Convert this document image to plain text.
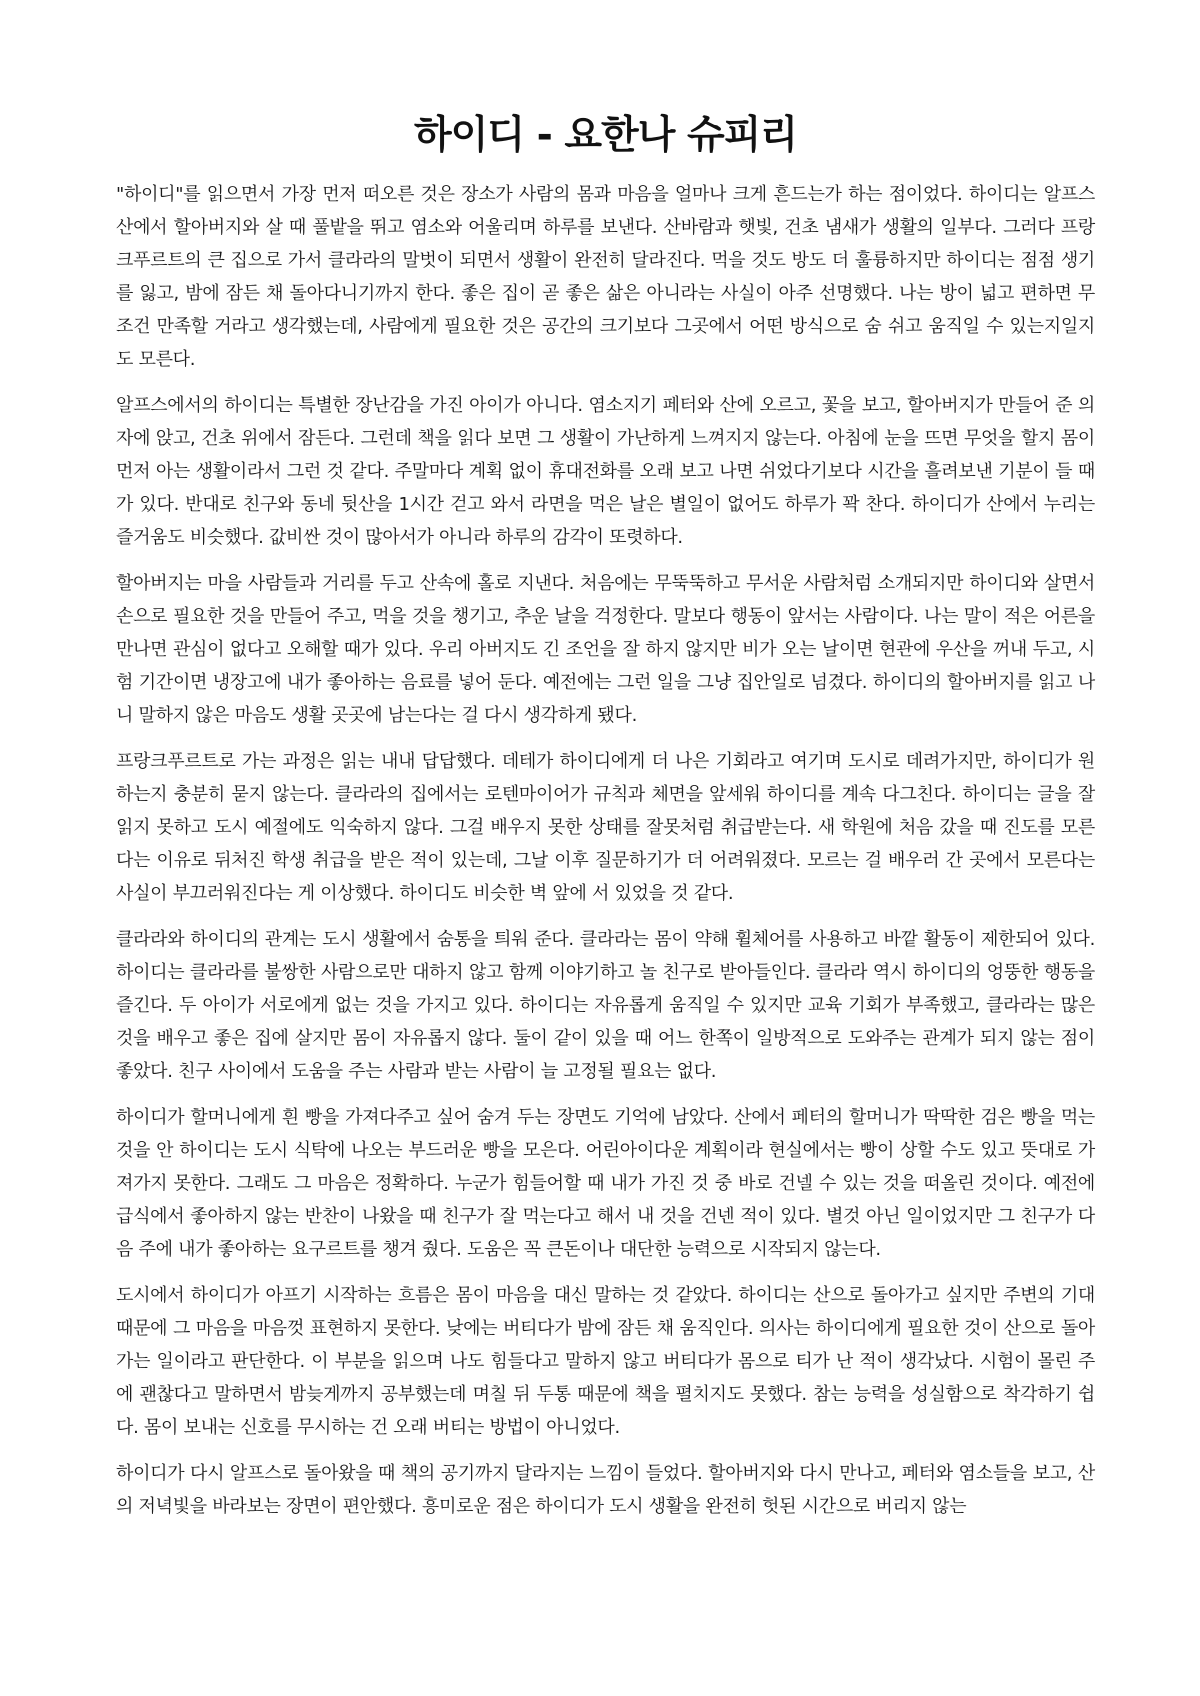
하이디 - 요한나 슈피리

"하이디"를 읽으면서 가장 먼저 떠오른 것은 장소가 사람의 몸과 마음을 얼마나 크게 흔드는가 하는 점이었다. 하이디는 알프스 산에서 할아버지와 살 때 풀밭을 뛰고 염소와 어울리며 하루를 보낸다. 산바람과 햇빛, 건초 냄새가 생활의 일부다. 그러다 프랑크푸르트의 큰 집으로 가서 클라라의 말벗이 되면서 생활이 완전히 달라진다. 먹을 것도 방도 더 훌륭하지만 하이디는 점점 생기를 잃고, 밤에 잠든 채 돌아다니기까지 한다. 좋은 집이 곧 좋은 삶은 아니라는 사실이 아주 선명했다. 나는 방이 넓고 편하면 무조건 만족할 거라고 생각했는데, 사람에게 필요한 것은 공간의 크기보다 그곳에서 어떤 방식으로 숨 쉬고 움직일 수 있는지일지도 모른다.

알프스에서의 하이디는 특별한 장난감을 가진 아이가 아니다. 염소지기 페터와 산에 오르고, 꽃을 보고, 할아버지가 만들어 준 의자에 앉고, 건초 위에서 잠든다. 그런데 책을 읽다 보면 그 생활이 가난하게 느껴지지 않는다. 아침에 눈을 뜨면 무엇을 할지 몸이 먼저 아는 생활이라서 그런 것 같다. 주말마다 계획 없이 휴대전화를 오래 보고 나면 쉬었다기보다 시간을 흘려보낸 기분이 들 때가 있다. 반대로 친구와 동네 뒷산을 1시간 걷고 와서 라면을 먹은 날은 별일이 없어도 하루가 꽉 찬다. 하이디가 산에서 누리는 즐거움도 비슷했다. 값비싼 것이 많아서가 아니라 하루의 감각이 또렷하다.

할아버지는 마을 사람들과 거리를 두고 산속에 홀로 지낸다. 처음에는 무뚝뚝하고 무서운 사람처럼 소개되지만 하이디와 살면서 손으로 필요한 것을 만들어 주고, 먹을 것을 챙기고, 추운 날을 걱정한다. 말보다 행동이 앞서는 사람이다. 나는 말이 적은 어른을 만나면 관심이 없다고 오해할 때가 있다. 우리 아버지도 긴 조언을 잘 하지 않지만 비가 오는 날이면 현관에 우산을 꺼내 두고, 시험 기간이면 냉장고에 내가 좋아하는 음료를 넣어 둔다. 예전에는 그런 일을 그냥 집안일로 넘겼다. 하이디의 할아버지를 읽고 나니 말하지 않은 마음도 생활 곳곳에 남는다는 걸 다시 생각하게 됐다.

프랑크푸르트로 가는 과정은 읽는 내내 답답했다. 데테가 하이디에게 더 나은 기회라고 여기며 도시로 데려가지만, 하이디가 원하는지 충분히 묻지 않는다. 클라라의 집에서는 로텐마이어가 규칙과 체면을 앞세워 하이디를 계속 다그친다. 하이디는 글을 잘 읽지 못하고 도시 예절에도 익숙하지 않다. 그걸 배우지 못한 상태를 잘못처럼 취급받는다. 새 학원에 처음 갔을 때 진도를 모른다는 이유로 뒤처진 학생 취급을 받은 적이 있는데, 그날 이후 질문하기가 더 어려워졌다. 모르는 걸 배우러 간 곳에서 모른다는 사실이 부끄러워진다는 게 이상했다. 하이디도 비슷한 벽 앞에 서 있었을 것 같다.

클라라와 하이디의 관계는 도시 생활에서 숨통을 틔워 준다. 클라라는 몸이 약해 휠체어를 사용하고 바깥 활동이 제한되어 있다. 하이디는 클라라를 불쌍한 사람으로만 대하지 않고 함께 이야기하고 놀 친구로 받아들인다. 클라라 역시 하이디의 엉뚱한 행동을 즐긴다. 두 아이가 서로에게 없는 것을 가지고 있다. 하이디는 자유롭게 움직일 수 있지만 교육 기회가 부족했고, 클라라는 많은 것을 배우고 좋은 집에 살지만 몸이 자유롭지 않다. 둘이 같이 있을 때 어느 한쪽이 일방적으로 도와주는 관계가 되지 않는 점이 좋았다. 친구 사이에서 도움을 주는 사람과 받는 사람이 늘 고정될 필요는 없다.

하이디가 할머니에게 흰 빵을 가져다주고 싶어 숨겨 두는 장면도 기억에 남았다. 산에서 페터의 할머니가 딱딱한 검은 빵을 먹는 것을 안 하이디는 도시 식탁에 나오는 부드러운 빵을 모은다. 어린아이다운 계획이라 현실에서는 빵이 상할 수도 있고 뜻대로 가져가지 못한다. 그래도 그 마음은 정확하다. 누군가 힘들어할 때 내가 가진 것 중 바로 건넬 수 있는 것을 떠올린 것이다. 예전에 급식에서 좋아하지 않는 반찬이 나왔을 때 친구가 잘 먹는다고 해서 내 것을 건넨 적이 있다. 별것 아닌 일이었지만 그 친구가 다음 주에 내가 좋아하는 요구르트를 챙겨 줬다. 도움은 꼭 큰돈이나 대단한 능력으로 시작되지 않는다.

도시에서 하이디가 아프기 시작하는 흐름은 몸이 마음을 대신 말하는 것 같았다. 하이디는 산으로 돌아가고 싶지만 주변의 기대 때문에 그 마음을 마음껏 표현하지 못한다. 낮에는 버티다가 밤에 잠든 채 움직인다. 의사는 하이디에게 필요한 것이 산으로 돌아가는 일이라고 판단한다. 이 부분을 읽으며 나도 힘들다고 말하지 않고 버티다가 몸으로 티가 난 적이 생각났다. 시험이 몰린 주에 괜찮다고 말하면서 밤늦게까지 공부했는데 며칠 뒤 두통 때문에 책을 펼치지도 못했다. 참는 능력을 성실함으로 착각하기 쉽다. 몸이 보내는 신호를 무시하는 건 오래 버티는 방법이 아니었다.

하이디가 다시 알프스로 돌아왔을 때 책의 공기까지 달라지는 느낌이 들었다. 할아버지와 다시 만나고, 페터와 염소들을 보고, 산의 저녁빛을 바라보는 장면이 편안했다. 흥미로운 점은 하이디가 도시 생활을 완전히 헛된 시간으로 버리지 않는
